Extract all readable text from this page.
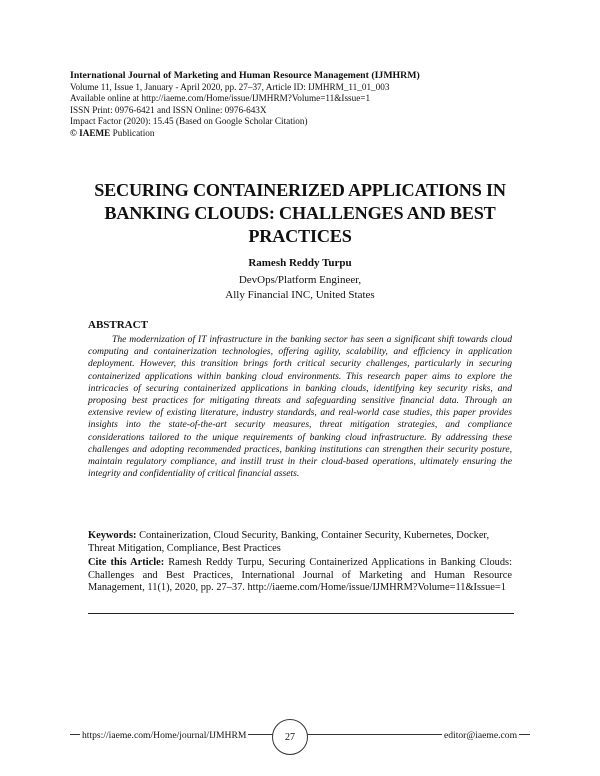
International Journal of Marketing and Human Resource Management (IJMHRM)
Volume 11, Issue 1, January - April 2020, pp. 27–37, Article ID: IJMHRM_11_01_003
Available online at http://iaeme.com/Home/issue/IJMHRM?Volume=11&Issue=1
ISSN Print: 0976-6421 and ISSN Online: 0976-643X
Impact Factor (2020): 15.45 (Based on Google Scholar Citation)
© IAEME Publication
SECURING CONTAINERIZED APPLICATIONS IN
BANKING CLOUDS: CHALLENGES AND BEST
PRACTICES
Ramesh Reddy Turpu
DevOps/Platform Engineer,
Ally Financial INC, United States
ABSTRACT

The modernization of IT infrastructure in the banking sector has seen a significant shift towards cloud computing and containerization technologies, offering agility, scalability, and efficiency in application deployment. However, this transition brings forth critical security challenges, particularly in securing containerized applications within banking cloud environments. This research paper aims to explore the intricacies of securing containerized applications in banking clouds, identifying key security risks, and proposing best practices for mitigating threats and safeguarding sensitive financial data. Through an extensive review of existing literature, industry standards, and real-world case studies, this paper provides insights into the state-of-the-art security measures, threat mitigation strategies, and compliance considerations tailored to the unique requirements of banking cloud infrastructure. By addressing these challenges and adopting recommended practices, banking institutions can strengthen their security posture, maintain regulatory compliance, and instill trust in their cloud-based operations, ultimately ensuring the integrity and confidentiality of critical financial assets.

Keywords: Containerization, Cloud Security, Banking, Container Security, Kubernetes, Docker, Threat Mitigation, Compliance, Best Practices

Cite this Article: Ramesh Reddy Turpu, Securing Containerized Applications in Banking Clouds: Challenges and Best Practices, International Journal of Marketing and Human Resource Management, 11(1), 2020, pp. 27–37. http://iaeme.com/Home/issue/IJMHRM?Volume=11&Issue=1

https://iaeme.com/Home/journal/IJMHRM	27	editor@iaeme.com
